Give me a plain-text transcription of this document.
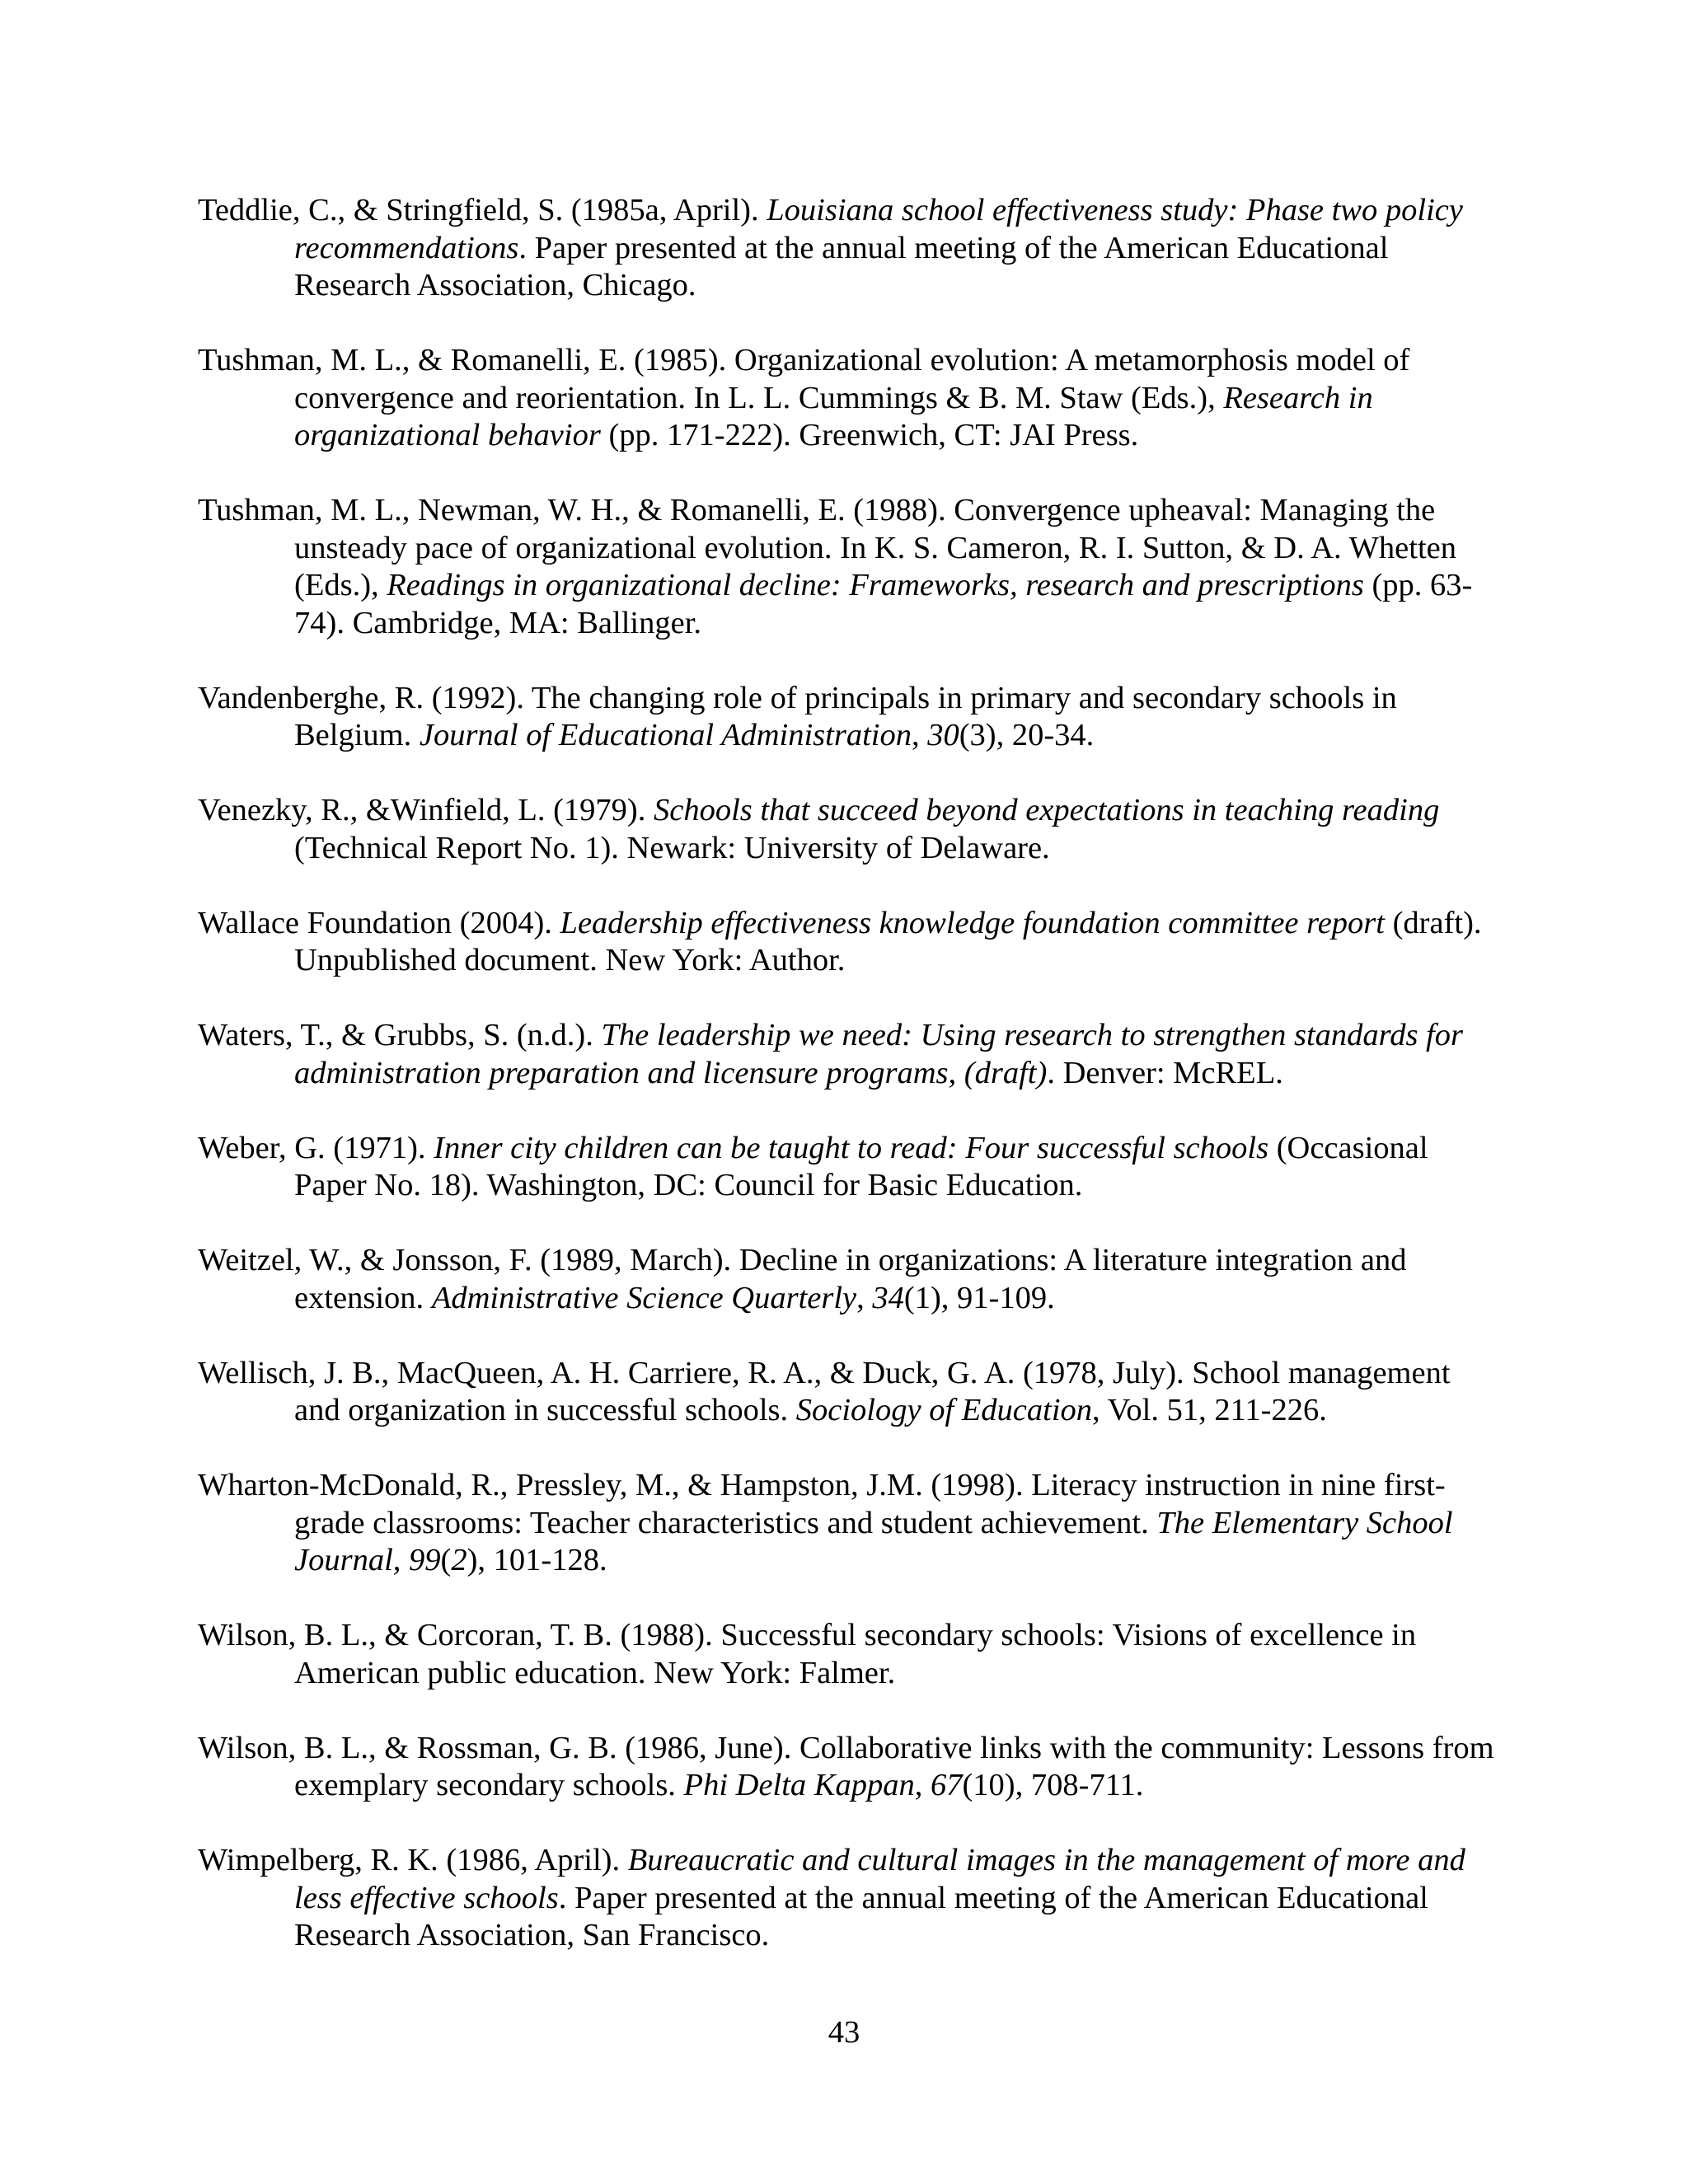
Teddlie, C., & Stringfield, S. (1985a, April). Louisiana school effectiveness study: Phase two policy recommendations. Paper presented at the annual meeting of the American Educational Research Association, Chicago.

Tushman, M. L., & Romanelli, E. (1985). Organizational evolution: A metamorphosis model of convergence and reorientation. In L. L. Cummings & B. M. Staw (Eds.), Research in organizational behavior (pp. 171-222). Greenwich, CT: JAI Press.

Tushman, M. L., Newman, W. H., & Romanelli, E. (1988). Convergence upheaval: Managing the unsteady pace of organizational evolution. In K. S. Cameron, R. I. Sutton, & D. A. Whetten (Eds.), Readings in organizational decline: Frameworks, research and prescriptions (pp. 63-74). Cambridge, MA: Ballinger.

Vandenberghe, R. (1992). The changing role of principals in primary and secondary schools in Belgium. Journal of Educational Administration, 30(3), 20-34.

Venezky, R., &Winfield, L. (1979). Schools that succeed beyond expectations in teaching reading (Technical Report No. 1). Newark: University of Delaware.

Wallace Foundation (2004). Leadership effectiveness knowledge foundation committee report (draft). Unpublished document. New York: Author.

Waters, T., & Grubbs, S. (n.d.). The leadership we need: Using research to strengthen standards for administration preparation and licensure programs, (draft). Denver: McREL.

Weber, G. (1971). Inner city children can be taught to read: Four successful schools (Occasional Paper No. 18). Washington, DC: Council for Basic Education.

Weitzel, W., & Jonsson, F. (1989, March). Decline in organizations: A literature integration and extension. Administrative Science Quarterly, 34(1), 91-109.

Wellisch, J. B., MacQueen, A. H. Carriere, R. A., & Duck, G. A. (1978, July). School management and organization in successful schools. Sociology of Education, Vol. 51, 211-226.

Wharton-McDonald, R., Pressley, M., & Hampston, J.M. (1998). Literacy instruction in nine first-grade classrooms: Teacher characteristics and student achievement. The Elementary School Journal, 99(2), 101-128.

Wilson, B. L., & Corcoran, T. B. (1988). Successful secondary schools: Visions of excellence in American public education. New York: Falmer.

Wilson, B. L., & Rossman, G. B. (1986, June). Collaborative links with the community: Lessons from exemplary secondary schools. Phi Delta Kappan, 67(10), 708-711.

Wimpelberg, R. K. (1986, April). Bureaucratic and cultural images in the management of more and less effective schools. Paper presented at the annual meeting of the American Educational Research Association, San Francisco.

43
